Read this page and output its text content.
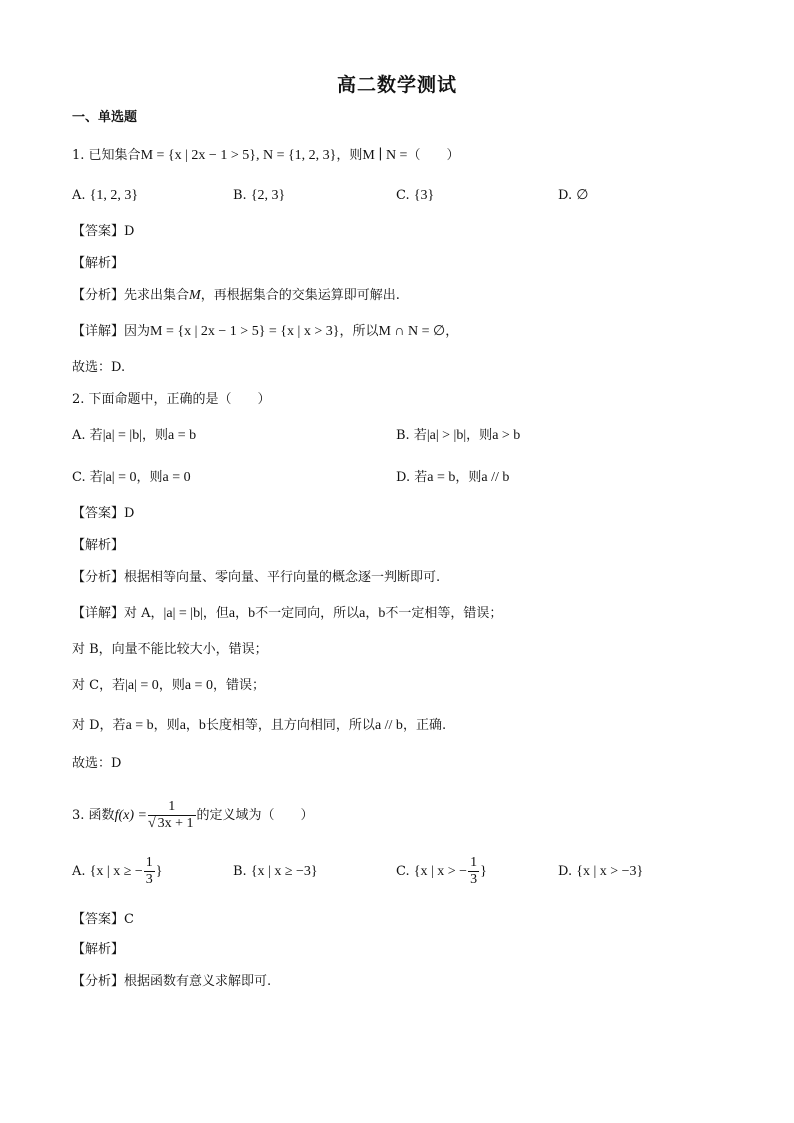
高二数学测试
一、单选题
1. 已知集合M = {x | 2x − 1 > 5}, N = {1, 2, 3}，则M ∣ N =（　　）
A. {1, 2, 3}	B. {2, 3}	C. {3}	D. ∅
【答案】D
【解析】
【分析】先求出集合M，再根据集合的交集运算即可解出.
【详解】因为M = {x | 2x − 1 > 5} = {x | x > 3}，所以M ∩ N = ∅，
故选：D.
2. 下面命题中，正确的是（　　）
A. 若|a| = |b|，则a = b	B. 若|a| > |b|，则a > b
C. 若|a| = 0，则a = 0	D. 若a = b，则a // b
【答案】D
【解析】
【分析】根据相等向量、零向量、平行向量的概念逐一判断即可.
【详解】对 A，|a| = |b|，但a，b不一定同向，所以a，b不一定相等，错误；
对 B，向量不能比较大小，错误；
对 C，若|a| = 0，则a = 0，错误；
对 D，若a = b，则a，b长度相等，且方向相同，所以a // b，正确.
故选：D
3. 函数$f(x) = \frac{1}{√ 3x + 1}$ 的定义域为（　　）
A. {x | x ≥ − $\frac{1}{3}$ }	B. {x | x ≥ −3}	C. {x | x > − $\frac{1}{3}$ }	D. {x | x > −3}
【答案】C
【解析】
【分析】根据函数有意义求解即可.
